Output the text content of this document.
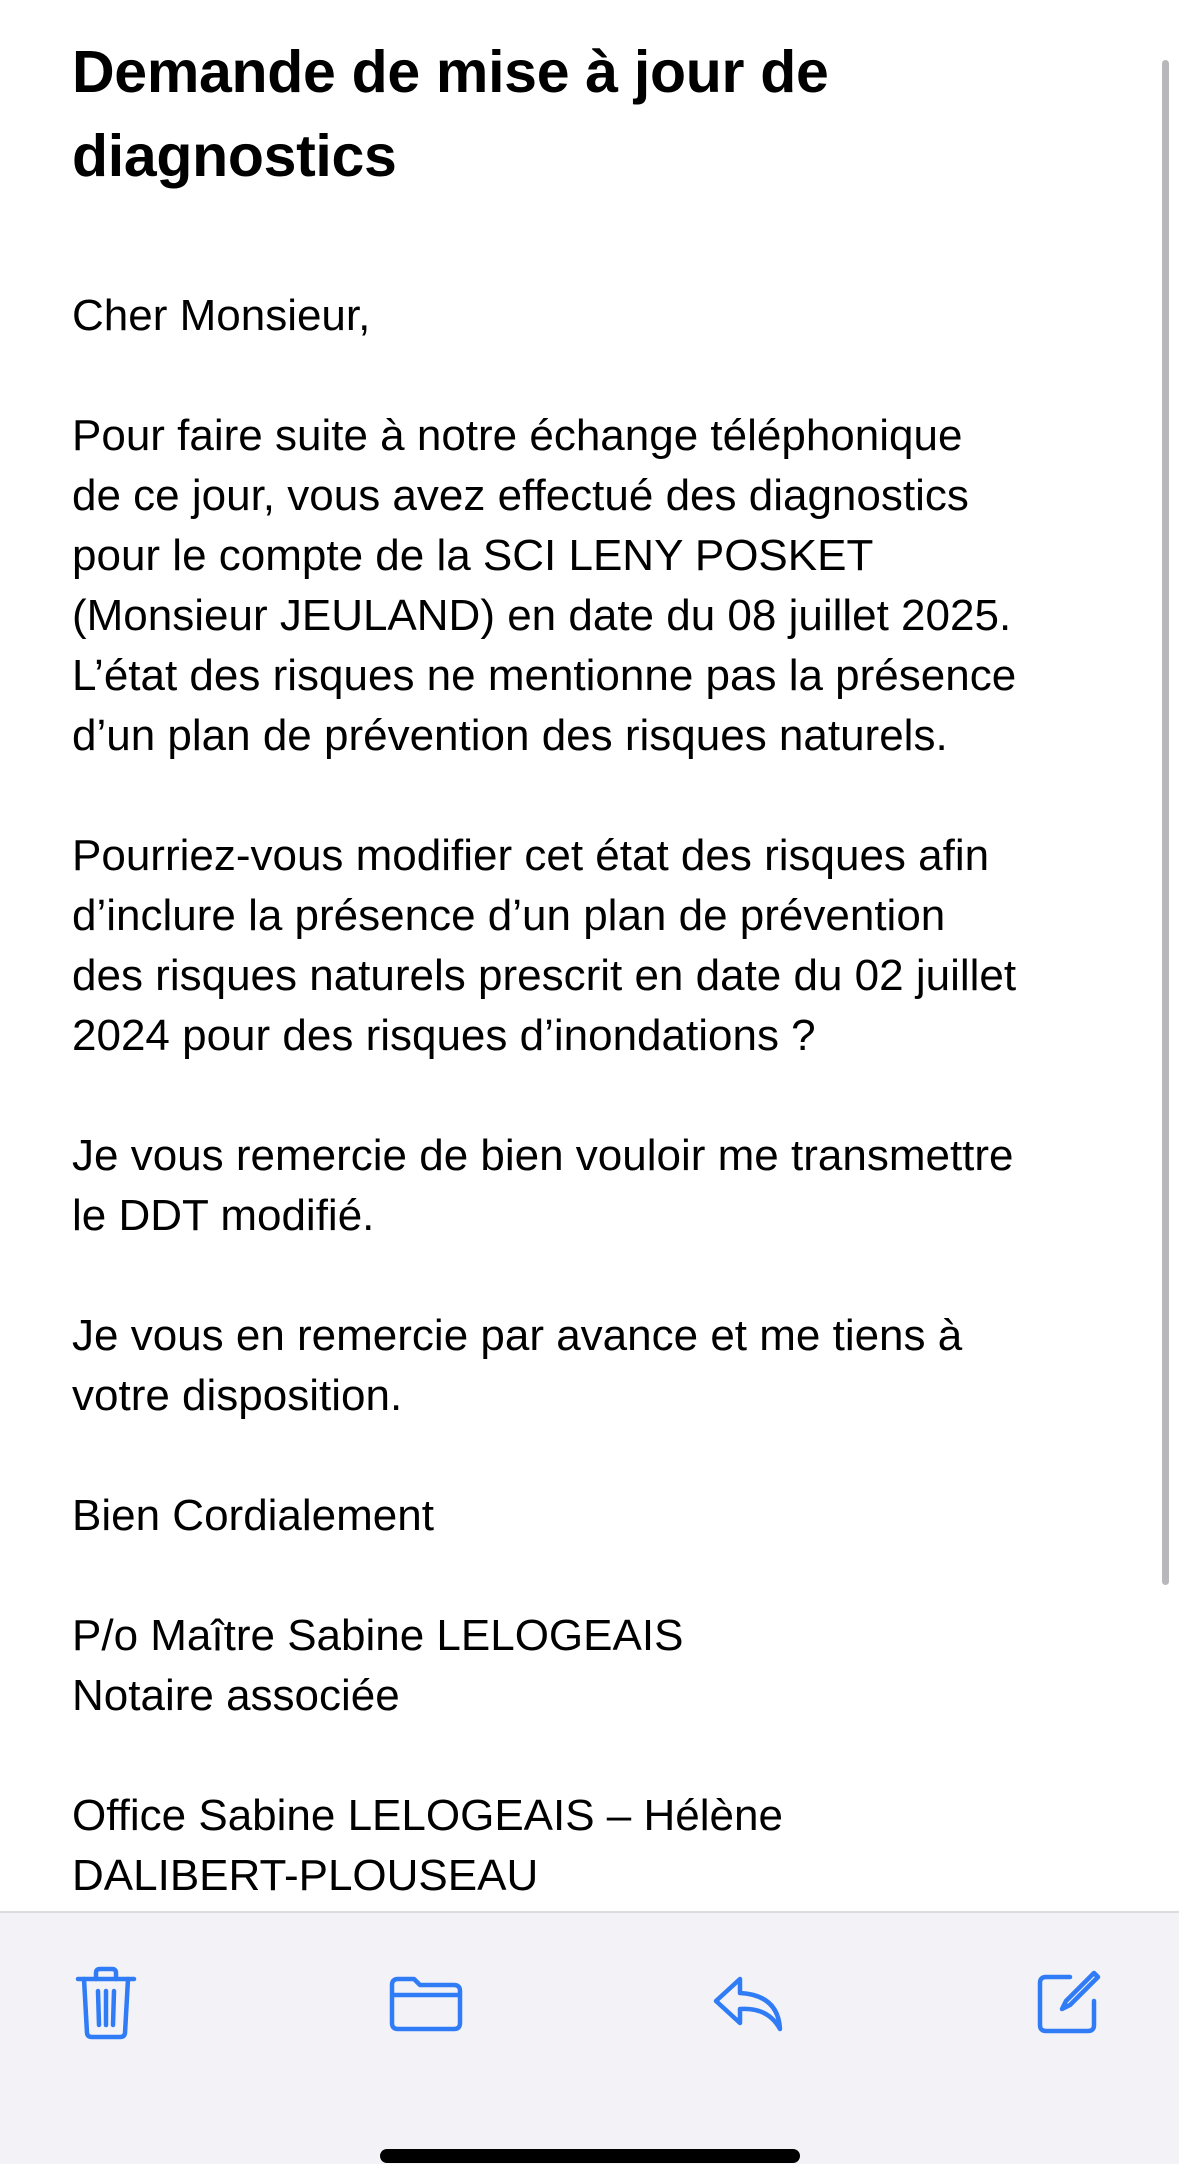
Demande de mise à jour de diagnostics

Cher Monsieur,

Pour faire suite à notre échange téléphonique
de ce jour, vous avez effectué des diagnostics
pour le compte de la SCI LENY POSKET
(Monsieur JEULAND) en date du 08 juillet 2025.
L’état des risques ne mentionne pas la présence
d’un plan de prévention des risques naturels.

Pourriez-vous modifier cet état des risques afin
d’inclure la présence d’un plan de prévention
des risques naturels prescrit en date du 02 juillet
2024 pour des risques d’inondations ?

Je vous remercie de bien vouloir me transmettre
le DDT modifié.

Je vous en remercie par avance et me tiens à
votre disposition.

Bien Cordialement

P/o Maître Sabine LELOGEAIS
Notaire associée

Office Sabine LELOGEAIS – Hélène
DALIBERT-PLOUSEAU
